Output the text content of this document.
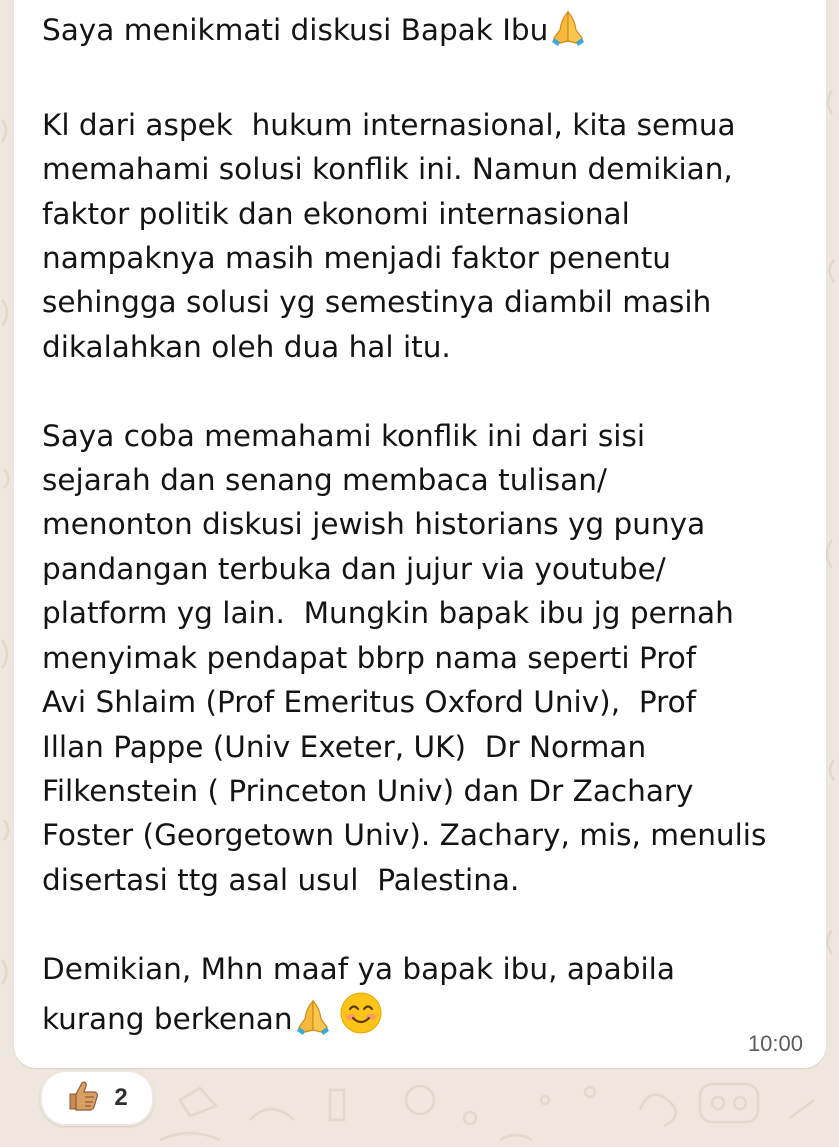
Saya menikmati diskusi Bapak Ibu

Kl dari aspek  hukum internasional, kita semua
memahami solusi konflik ini. Namun demikian,
faktor politik dan ekonomi internasional
nampaknya masih menjadi faktor penentu
sehingga solusi yg semestinya diambil masih
dikalahkan oleh dua hal itu.

Saya coba memahami konflik ini dari sisi
sejarah dan senang membaca tulisan/
menonton diskusi jewish historians yg punya
pandangan terbuka dan jujur via youtube/
platform yg lain.  Mungkin bapak ibu jg pernah
menyimak pendapat bbrp nama seperti Prof
Avi Shlaim (Prof Emeritus Oxford Univ),  Prof
Illan Pappe (Univ Exeter, UK)  Dr Norman
Filkenstein ( Princeton Univ) dan Dr Zachary
Foster (Georgetown Univ). Zachary, mis, menulis
disertasi ttg asal usul  Palestina.

Demikian, Mhn maaf ya bapak ibu, apabila
kurang berkenan
10:00
2
